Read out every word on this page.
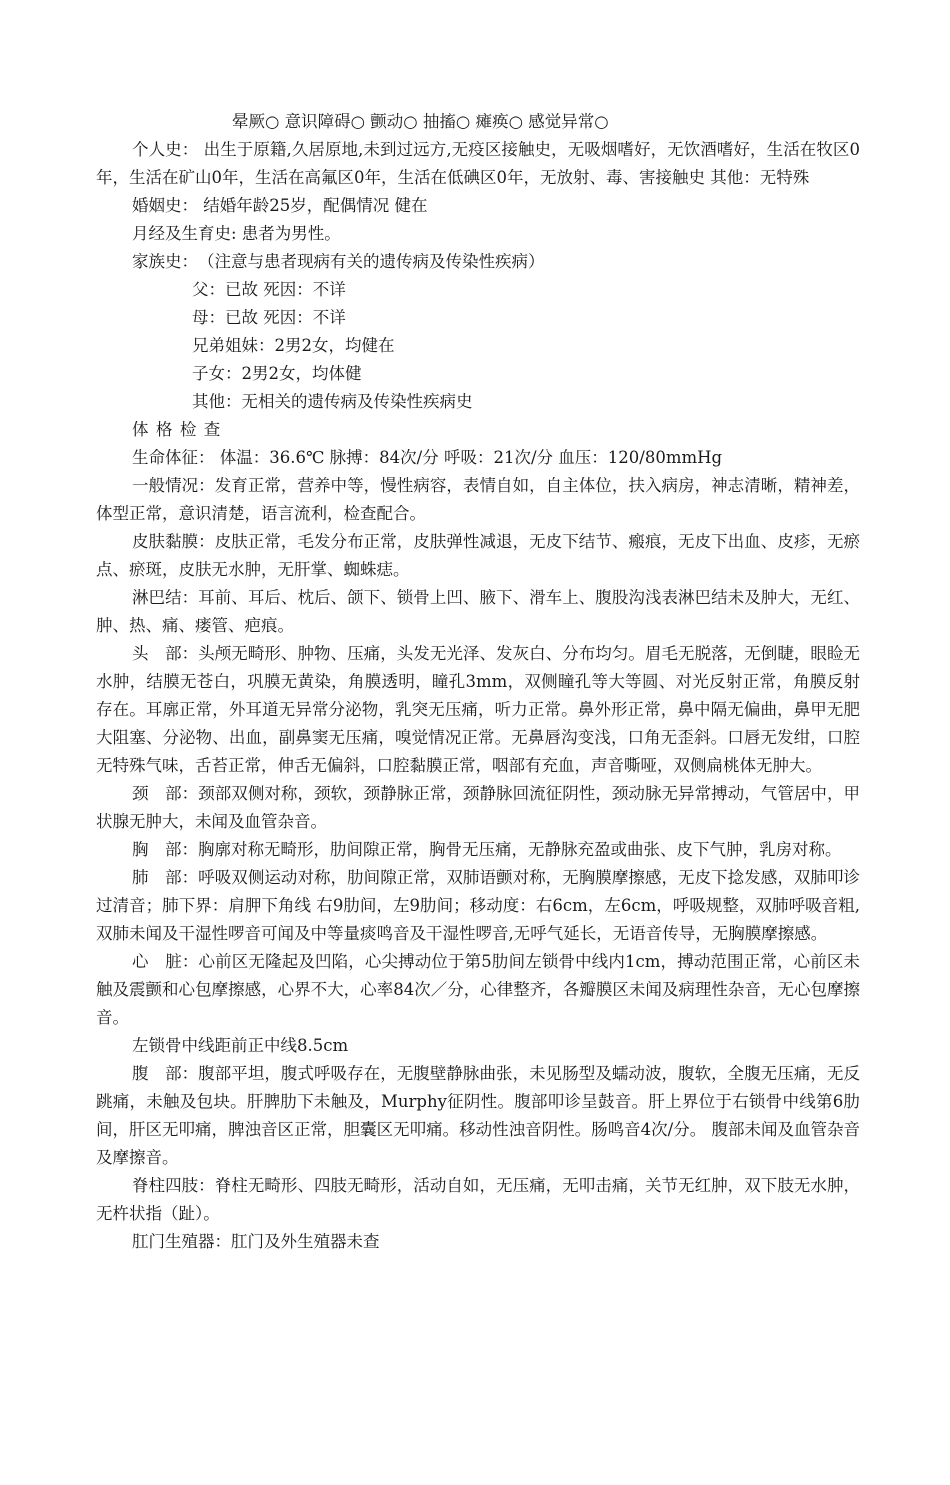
晕厥○ 意识障碍○ 颤动○ 抽搐○ 瘫痪○ 感觉异常○

个人史： 出生于原籍,久居原地,未到过远方,无疫区接触史，无吸烟嗜好，无饮酒嗜好，生活在牧区0年，生活在矿山0年，生活在高氟区0年，生活在低碘区0年，无放射、毒、害接触史 其他：无特殊

婚姻史： 结婚年龄25岁，配偶情况 健在
月经及生育史: 患者为男性。
家族史：　（注意与患者现病有关的遗传病及传染性疾病）
父：已故 死因：不详
母：已故 死因：不详
兄弟姐妹：2男2女，均健在
子女：2男2女，均体健
其他：无相关的遗传病及传染性疾病史
体格检查
生命体征： 体温：36.6℃ 脉搏：84次/分 呼吸：21次/分 血压：120/80mmHg

一般情况：发育正常，营养中等，慢性病容，表情自如，自主体位，扶入病房，神志清晰，精神差，体型正常，意识清楚，语言流利，检查配合。

皮肤黏膜：皮肤正常，毛发分布正常，皮肤弹性减退，无皮下结节、瘢痕，无皮下出血、皮疹，无瘀点、瘀斑，皮肤无水肿，无肝掌、蜘蛛痣。

淋巴结：耳前、耳后、枕后、颌下、锁骨上凹、腋下、滑车上、腹股沟浅表淋巴结未及肿大，无红、肿、热、痛、瘘管、疤痕。

头　部：头颅无畸形、肿物、压痛，头发无光泽、发灰白、分布均匀。眉毛无脱落，无倒睫，眼睑无水肿，结膜无苍白，巩膜无黄染，角膜透明，瞳孔3mm，双侧瞳孔等大等圆、对光反射正常，角膜反射存在。耳廓正常，外耳道无异常分泌物，乳突无压痛，听力正常。鼻外形正常，鼻中隔无偏曲，鼻甲无肥大阻塞、分泌物、出血，副鼻窦无压痛，嗅觉情况正常。无鼻唇沟变浅，口角无歪斜。口唇无发绀，口腔无特殊气味，舌苔正常，伸舌无偏斜，口腔黏膜正常，咽部有充血，声音嘶哑，双侧扁桃体无肿大。

颈　部：颈部双侧对称，颈软，颈静脉正常，颈静脉回流征阴性，颈动脉无异常搏动，气管居中，甲状腺无肿大，未闻及血管杂音。

胸　部：胸廓对称无畸形，肋间隙正常，胸骨无压痛，无静脉充盈或曲张、皮下气肿，乳房对称。

肺　部：呼吸双侧运动对称，肋间隙正常，双肺语颤对称，无胸膜摩擦感，无皮下捻发感，双肺叩诊过清音；肺下界：肩胛下角线 右9肋间，左9肋间；移动度：右6cm，左6cm，呼吸规整，双肺呼吸音粗,双肺未闻及干湿性啰音可闻及中等量痰鸣音及干湿性啰音,无呼气延长，无语音传导，无胸膜摩擦感。

心　脏：心前区无隆起及凹陷，心尖搏动位于第5肋间左锁骨中线内1cm，搏动范围正常，心前区未触及震颤和心包摩擦感，心界不大，心率84次／分，心律整齐，各瓣膜区未闻及病理性杂音，无心包摩擦音。

左锁骨中线距前正中线8.5cm

腹　部：腹部平坦，腹式呼吸存在，无腹壁静脉曲张，未见肠型及蠕动波，腹软，全腹无压痛，无反跳痛，未触及包块。肝脾肋下未触及，Murphy征阴性。腹部叩诊呈鼓音。肝上界位于右锁骨中线第6肋间，肝区无叩痛，脾浊音区正常，胆囊区无叩痛。移动性浊音阴性。肠鸣音4次/分。 腹部未闻及血管杂音及摩擦音。

脊柱四肢：脊柱无畸形、四肢无畸形，活动自如，无压痛，无叩击痛，关节无红肿，双下肢无水肿，无杵状指（趾）。

肛门生殖器：肛门及外生殖器未查
